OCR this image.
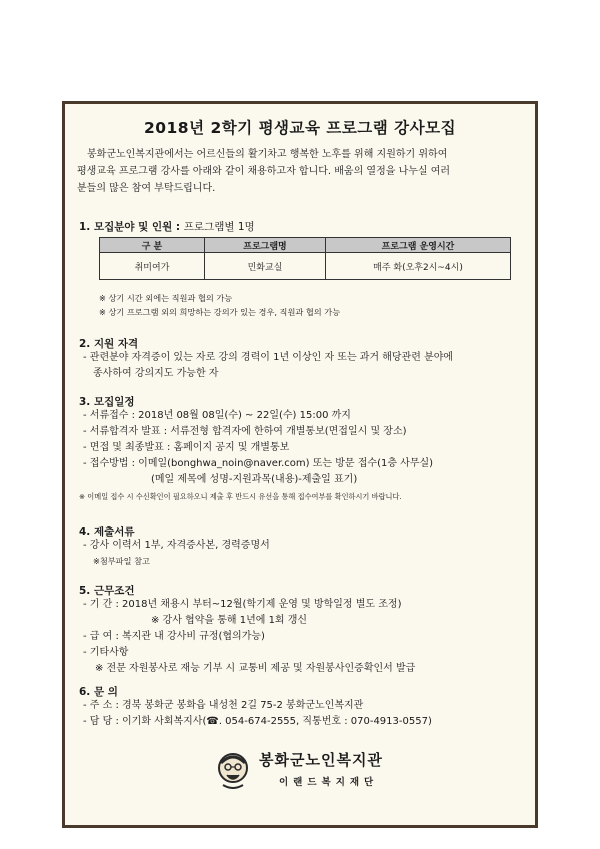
2018년 2학기 평생교육 프로그램 강사모집
봉화군노인복지관에서는 어르신들의 활기차고 행복한 노후를 위해 지원하기 위하여
평생교육 프로그램 강사를 아래와 같이 채용하고자 합니다. 배움의 열정을 나누실 여러
분들의 많은 참여 부탁드립니다.
1. 모집분야 및 인원 : 프로그램별 1명
구 분	프로그램명	프로그램 운영시간
취미여가	민화교실	매주 화(오후2시~4시)
※ 상기 시간 외에는 직원과 협의 가능
※ 상기 프로그램 외의 희망하는 강의가 있는 경우, 직원과 협의 가능
2. 지원 자격
- 관련분야 자격증이 있는 자로 강의 경력이 1년 이상인 자 또는 과거 해당관련 분야에
종사하여 강의지도 가능한 자
3. 모집일정
- 서류접수 : 2018년 08월 08일(수) ~ 22일(수) 15:00 까지
- 서류합격자 발표 : 서류전형 합격자에 한하여 개별통보(면접일시 및 장소)
- 면접 및 최종발표 : 홈페이지 공지 및 개별통보
- 접수방법 : 이메일(bonghwa_noin@naver.com) 또는 방문 접수(1층 사무실)
(메일 제목에 성명-지원과목(내용)-제출일 표기)
※ 이메일 접수 시 수신확인이 필요하오니 제출 후 반드시 유선을 통해 접수여부를 확인하시기 바랍니다.
4. 제출서류
- 강사 이력서 1부, 자격증사본, 경력증명서
※첨부파일 참고
5. 근무조건
- 기 간 : 2018년 채용시 부터~12월(학기제 운영 및 방학일정 별도 조정)
※ 강사 협약을 통해 1년에 1회 갱신
- 급 여 : 복지관 내 강사비 규정(협의가능)
- 기타사항
※ 전문 자원봉사로 재능 기부 시 교통비 제공 및 자원봉사인증확인서 발급
6. 문 의
- 주 소 : 경북 봉화군 봉화읍 내성천 2길 75-2 봉화군노인복지관
- 담 당 : 이기화 사회복지사(☎. 054-674-2555, 직통번호 : 070-4913-0557)
봉화군노인복지관
이랜드복지재단
